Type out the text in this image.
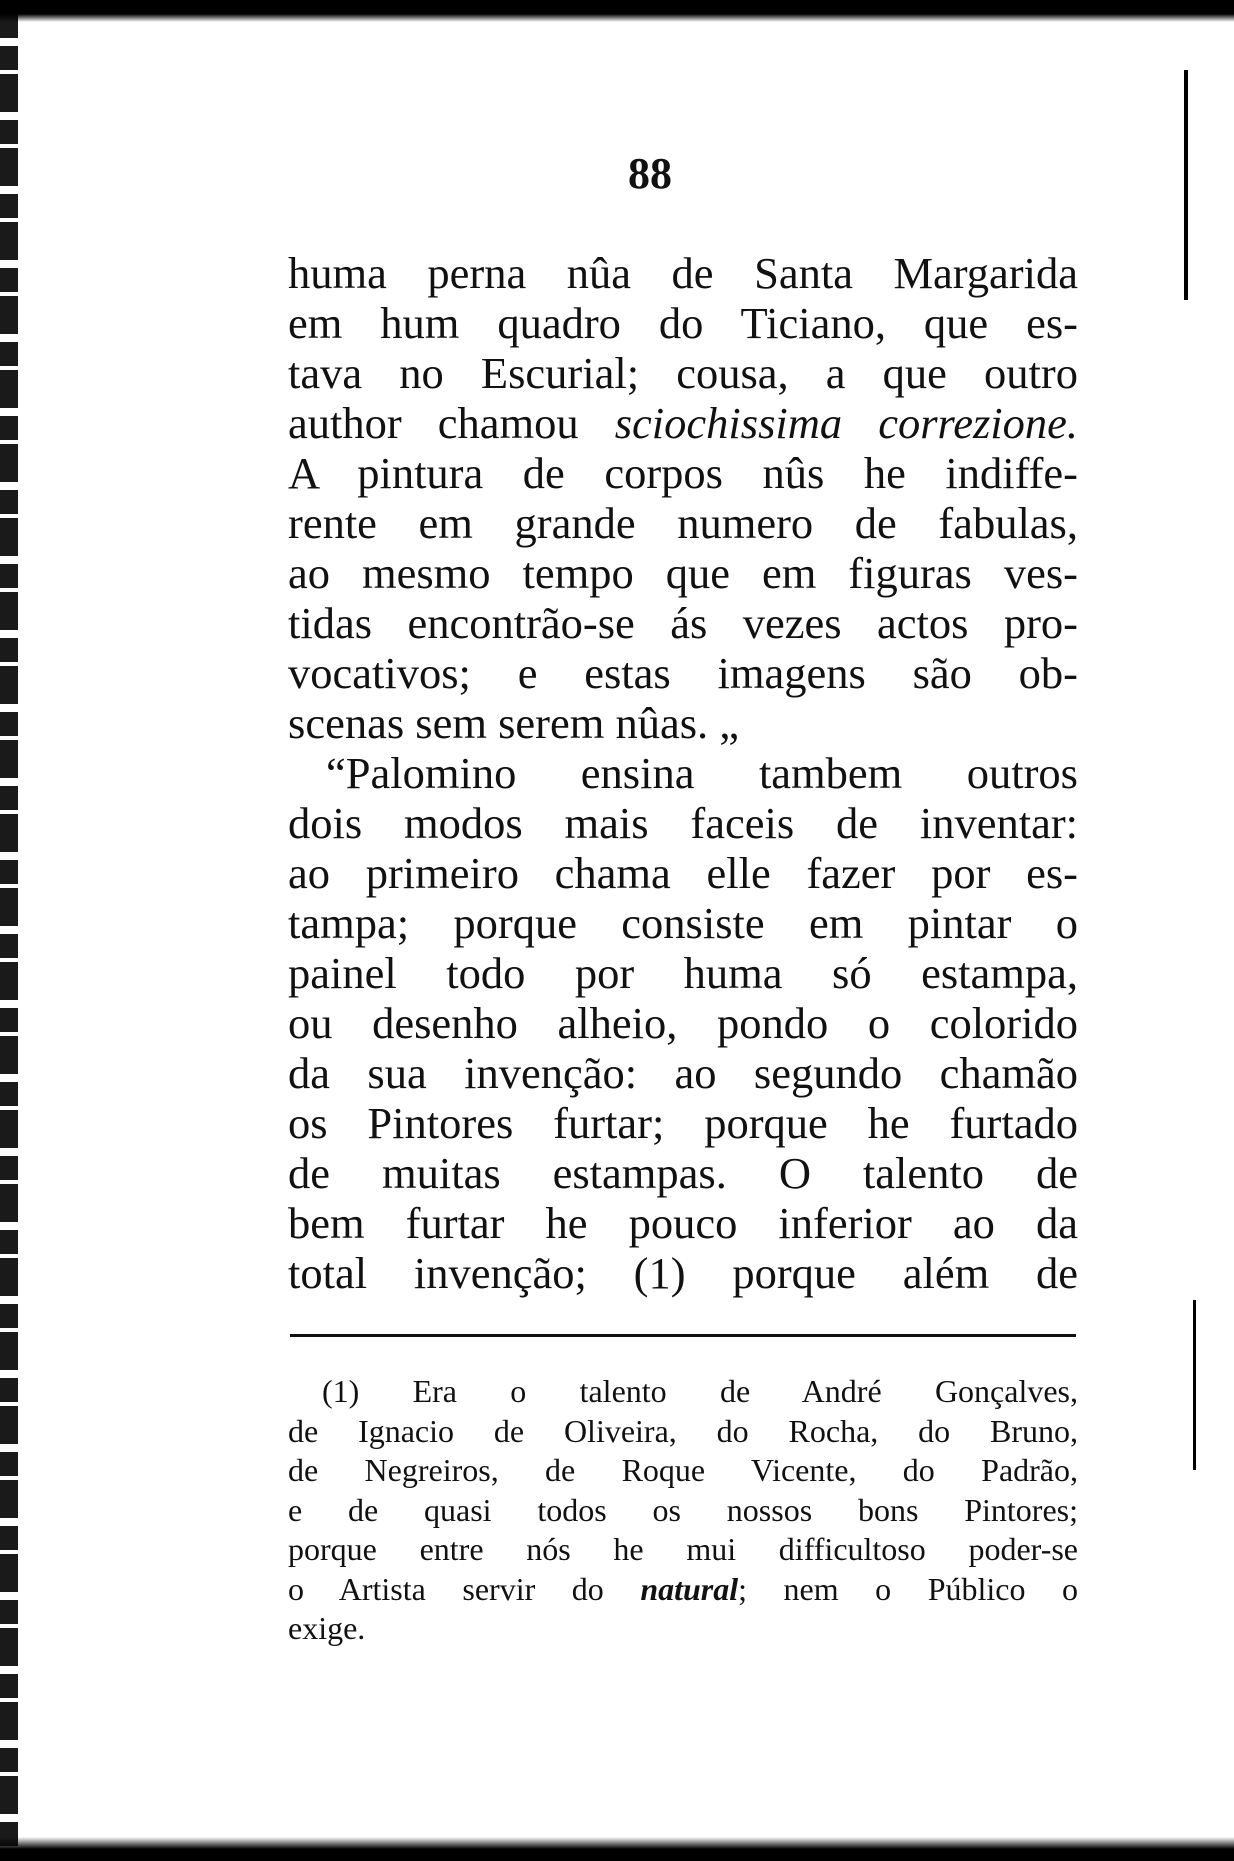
88
huma perna nûa de Santa Margarida
em hum quadro do Ticiano, que es-
tava no Escurial; cousa, a que outro
author chamou sciochissima correzione.
A pintura de corpos nûs he indiffe-
rente em grande numero de fabulas,
ao mesmo tempo que em figuras ves-
tidas encontrão-se ás vezes actos pro-
vocativos; e estas imagens são ob-
scenas sem serem nûas. „
“Palomino ensina tambem outros
dois modos mais faceis de inventar:
ao primeiro chama elle fazer por es-
tampa; porque consiste em pintar o
painel todo por huma só estampa,
ou desenho alheio, pondo o colorido
da sua invenção: ao segundo chamão
os Pintores furtar; porque he furtado
de muitas estampas. O talento de
bem furtar he pouco inferior ao da
total invenção; (1) porque além de
(1) Era o talento de André Gonçalves,
de Ignacio de Oliveira, do Rocha, do Bruno,
de Negreiros, de Roque Vicente, do Padrão,
e de quasi todos os nossos bons Pintores;
porque entre nós he mui difficultoso poder-se
o Artista servir do natural; nem o Público o
exige.
